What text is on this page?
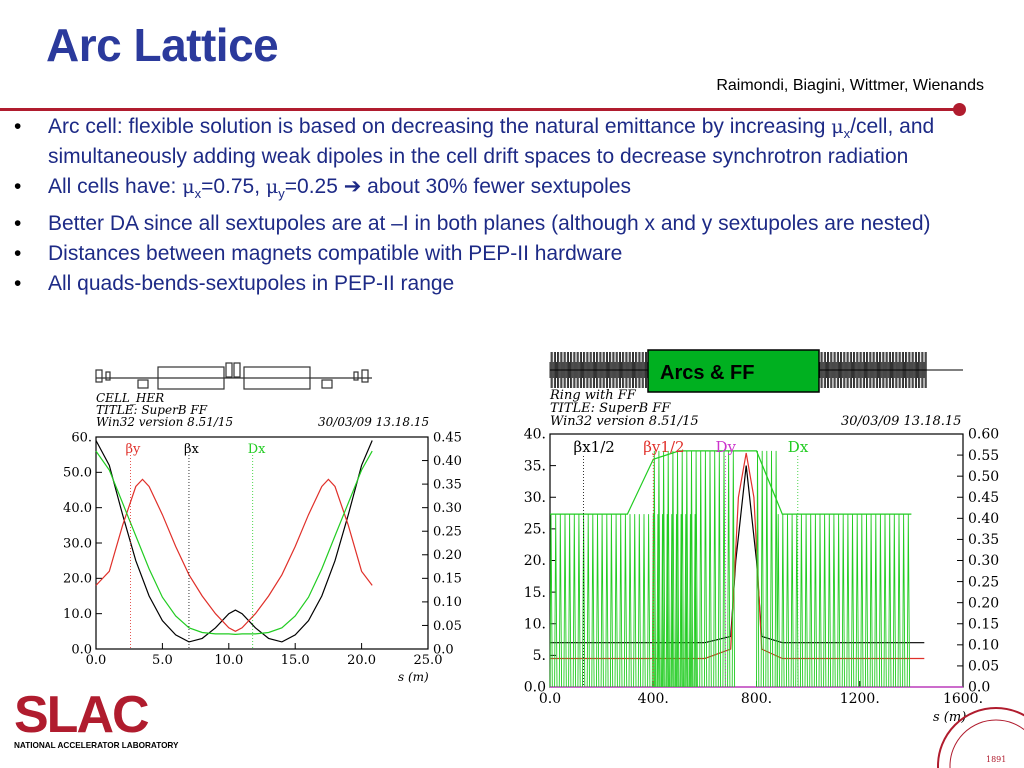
Arc Lattice
Raimondi, Biagini, Wittmer, Wienands
• Arc cell: flexible solution is based on decreasing the natural emittance by increasing $\mu_x$/cell, and simultaneously adding weak dipoles in the cell drift spaces to decrease synchrotron radiation
• All cells have: $\mu_x=0.75$, $\mu_y=0.25$ ➔ about 30% fewer sextupoles
• Better DA since all sextupoles are at –I in both planes (although x and y sextupoles are nested)
• Distances between magnets compatible with PEP-II hardware
• All quads-bends-sextupoles in PEP-II range
CELL_HER
TITLE: SuperB FF
Win32 version 8.51/15	30/03/09 13.18.15
0.0	5.0	10.0	15.0	20.0	25.0
0.0
10.0
20.0
30.0
40.0
50.0
60.
0.0
0.05
0.10
0.15
0.20
0.25
0.30
0.35
0.40
0.45
s (m)
βy	βx	Dx
Arcs & FF
Ring with FF
TITLE: SuperB FF
Win32 version 8.51/15	30/03/09 13.18.15
0.0	400.	800.	1200.	1600.
0.0
5.
10.
15.
20.
25.
30.
35.
40.
0.0
0.05
0.10
0.15
0.20
0.25
0.30
0.35
0.40
0.45
0.50
0.55
0.60
s (m)
βx1/2 βy1/2 Dy	Dx
SLAC
NATIONAL ACCELERATOR LABORATORY
1891
